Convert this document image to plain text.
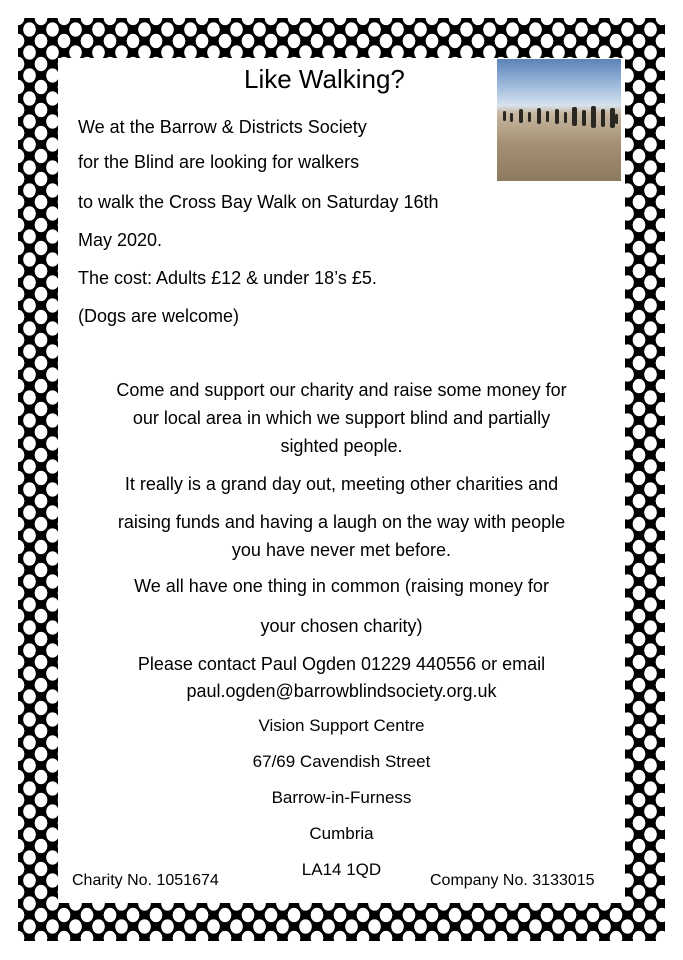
Like Walking?
We at the Barrow & Districts Society
for the Blind are looking for walkers
to walk the Cross Bay Walk on Saturday 16th
May 2020.
The cost: Adults £12 & under 18’s £5.
(Dogs are welcome)
Come and support our charity and raise some money for
our local area in which we support blind and partially
sighted people.
It really is a grand day out, meeting other charities and
raising funds and having a laugh on the way with people
you have never met before.
We all have one thing in common (raising money for
your chosen charity)
Please contact Paul Ogden 01229 440556 or email
paul.ogden@barrowblindsociety.org.uk
Vision Support Centre
67/69 Cavendish Street
Barrow-in-Furness
Cumbria
LA14 1QD
Charity No. 1051674	Company No. 3133015
